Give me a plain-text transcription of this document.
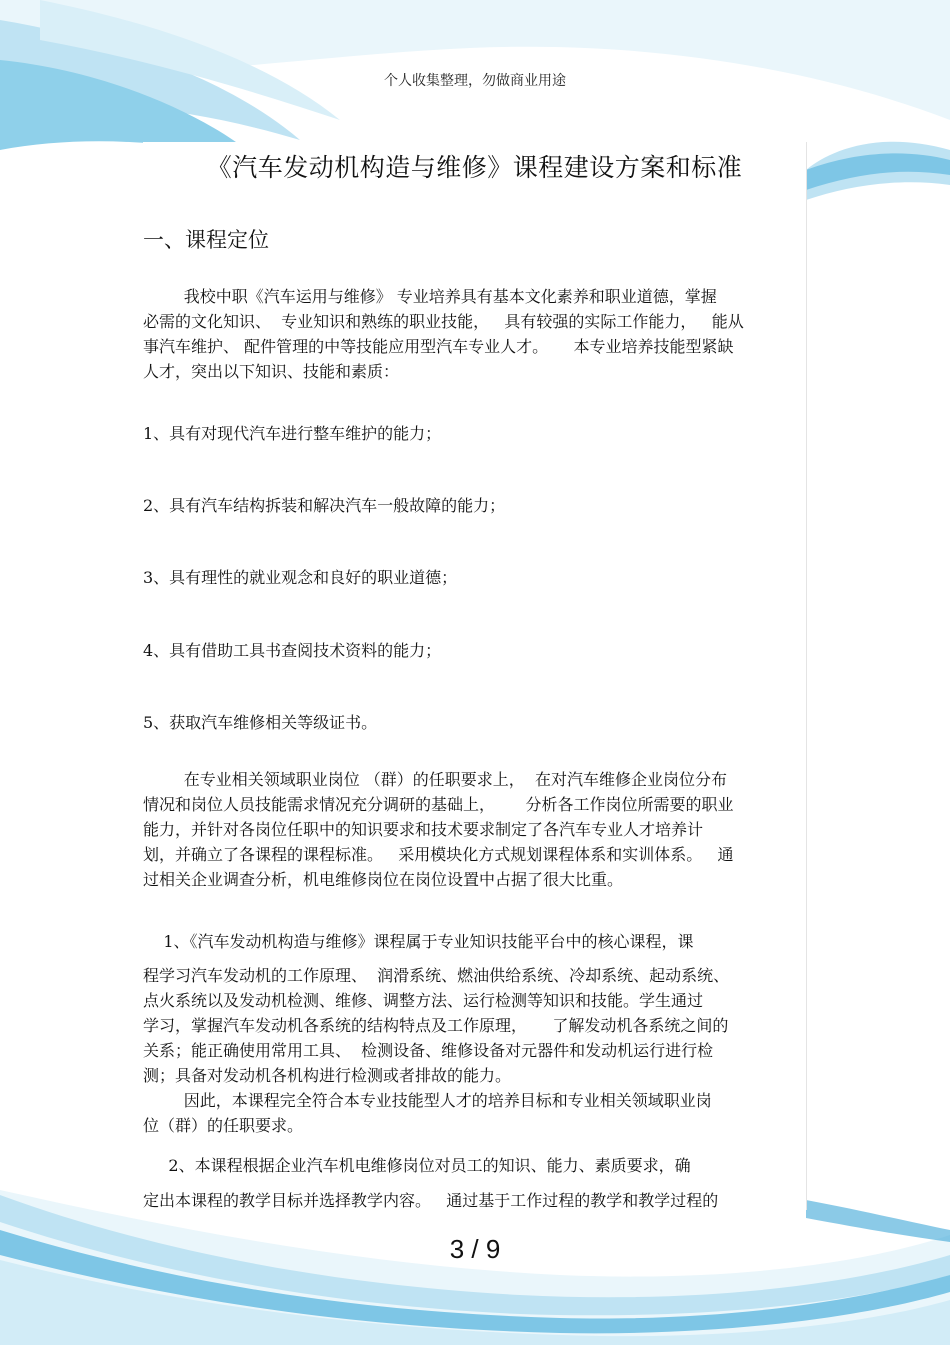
个人收集整理，勿做商业用途
《汽车发动机构造与维修》课程建设方案和标准
一、课程定位
我校中职《汽车运用与维修》 专业培养具有基本文化素养和职业道德，掌握
必需的文化知识、  专业知识和熟练的职业技能，   具有较强的实际工作能力，   能从
事汽车维护、 配件管理的中等技能应用型汽车专业人才。     本专业培养技能型紧缺
人才，突出以下知识、技能和素质：
1、具有对现代汽车进行整车维护的能力；
2、具有汽车结构拆装和解决汽车一般故障的能力；
3、具有理性的就业观念和良好的职业道德；
4、具有借助工具书查阅技术资料的能力；
5、获取汽车维修相关等级证书。
在专业相关领域职业岗位 （群）的任职要求上，  在对汽车维修企业岗位分布
情况和岗位人员技能需求情况充分调研的基础上，      分析各工作岗位所需要的职业
能力，并针对各岗位任职中的知识要求和技术要求制定了各汽车专业人才培养计
划，并确立了各课程的课程标准。   采用模块化方式规划课程体系和实训体系。   通
过相关企业调查分析，机电维修岗位在岗位设置中占据了很大比重。
1、《汽车发动机构造与维修》课程属于专业知识技能平台中的核心课程，课
程学习汽车发动机的工作原理、  润滑系统、燃油供给系统、冷却系统、起动系统、
点火系统以及发动机检测、维修、调整方法、运行检测等知识和技能。学生通过
学习，掌握汽车发动机各系统的结构特点及工作原理，     了解发动机各系统之间的
关系；能正确使用常用工具、  检测设备、维修设备对元器件和发动机运行进行检
测；具备对发动机各机构进行检测或者排故的能力。
因此，本课程完全符合本专业技能型人才的培养目标和专业相关领域职业岗
位（群）的任职要求。
2、本课程根据企业汽车机电维修岗位对员工的知识、能力、素质要求，确
定出本课程的教学目标并选择教学内容。   通过基于工作过程的教学和教学过程的
3 / 9
